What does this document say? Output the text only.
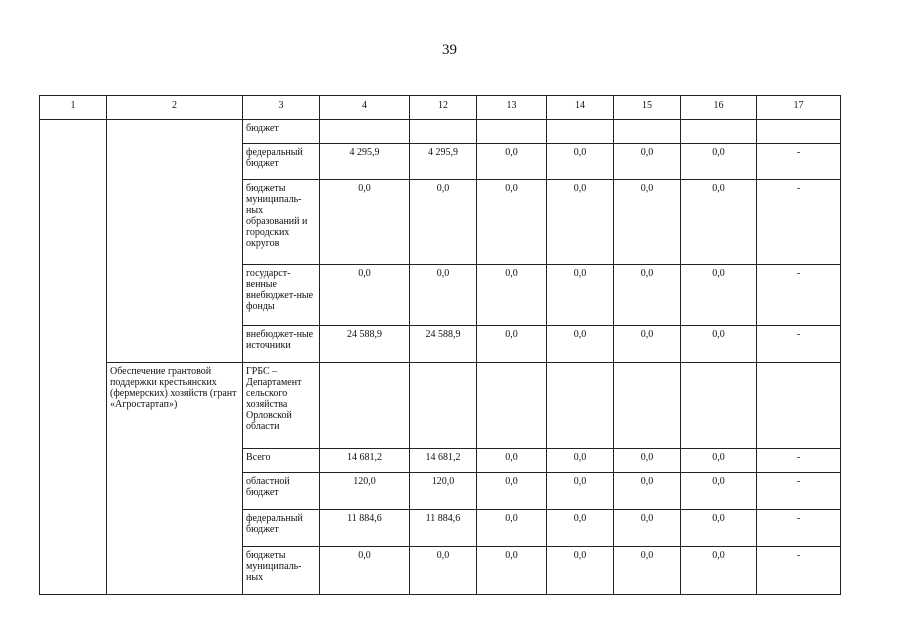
39
1	2	3	4	12	13	14	15	16	17
		бюджет							
		федеральный бюджет	4 295,9	4 295,9	0,0	0,0	0,0	0,0	-
		бюджеты муниципаль-ных образований и городских округов	0,0	0,0	0,0	0,0	0,0	0,0	-
		государст-венные внебюджет-ные фонды	0,0	0,0	0,0	0,0	0,0	0,0	-
		внебюджет-ные источники	24 588,9	24 588,9	0,0	0,0	0,0	0,0	-
	Обеспечение грантовой поддержки крестьянских (фермерских) хозяйств (грант «Агростартап»)	ГРБС – Департамент сельского хозяйства Орловской области							
		Всего	14 681,2	14 681,2	0,0	0,0	0,0	0,0	-
		областной бюджет	120,0	120,0	0,0	0,0	0,0	0,0	-
		федеральный бюджет	11 884,6	11 884,6	0,0	0,0	0,0	0,0	-
		бюджеты муниципаль-ных	0,0	0,0	0,0	0,0	0,0	0,0	-
